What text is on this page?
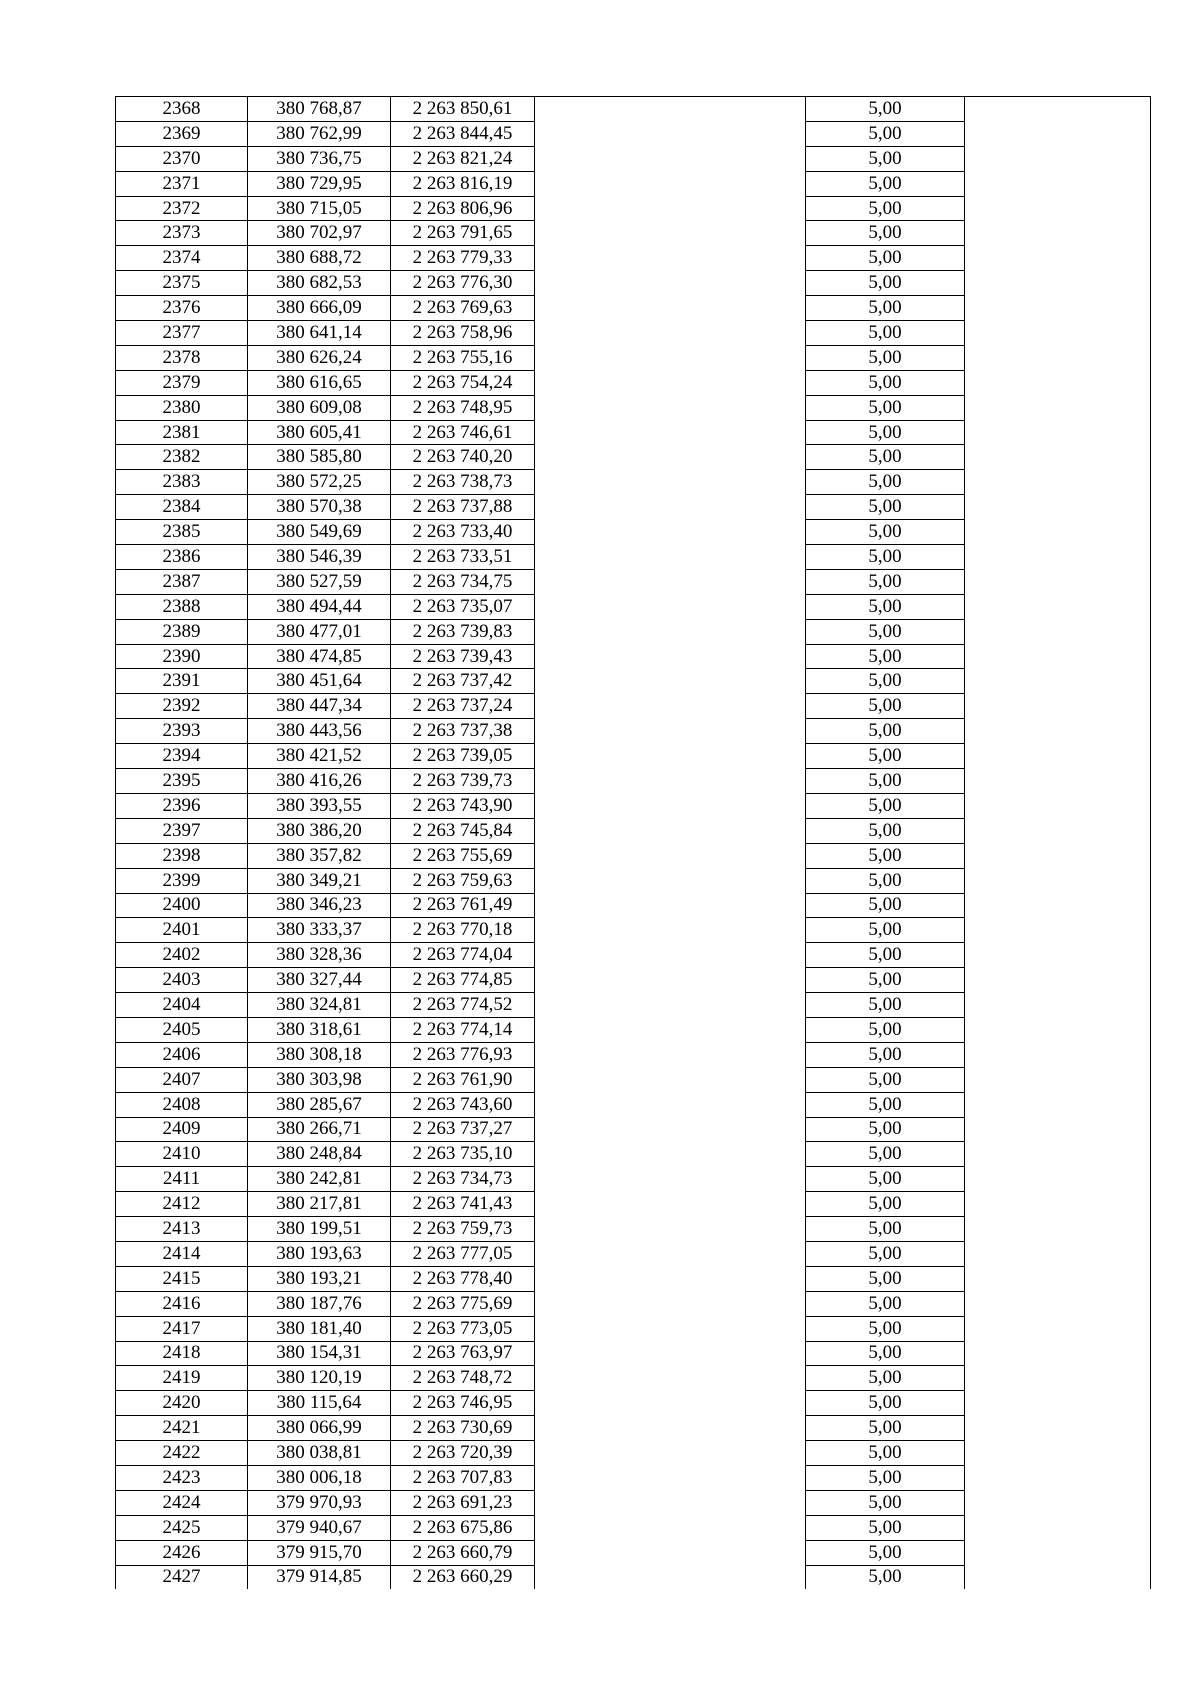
2368	380 768,87	2 263 850,61		5,00	
2369	380 762,99	2 263 844,45		5,00	
2370	380 736,75	2 263 821,24		5,00	
2371	380 729,95	2 263 816,19		5,00	
2372	380 715,05	2 263 806,96		5,00	
2373	380 702,97	2 263 791,65		5,00	
2374	380 688,72	2 263 779,33		5,00	
2375	380 682,53	2 263 776,30		5,00	
2376	380 666,09	2 263 769,63		5,00	
2377	380 641,14	2 263 758,96		5,00	
2378	380 626,24	2 263 755,16		5,00	
2379	380 616,65	2 263 754,24		5,00	
2380	380 609,08	2 263 748,95		5,00	
2381	380 605,41	2 263 746,61		5,00	
2382	380 585,80	2 263 740,20		5,00	
2383	380 572,25	2 263 738,73		5,00	
2384	380 570,38	2 263 737,88		5,00	
2385	380 549,69	2 263 733,40		5,00	
2386	380 546,39	2 263 733,51		5,00	
2387	380 527,59	2 263 734,75		5,00	
2388	380 494,44	2 263 735,07		5,00	
2389	380 477,01	2 263 739,83		5,00	
2390	380 474,85	2 263 739,43		5,00	
2391	380 451,64	2 263 737,42		5,00	
2392	380 447,34	2 263 737,24		5,00	
2393	380 443,56	2 263 737,38		5,00	
2394	380 421,52	2 263 739,05		5,00	
2395	380 416,26	2 263 739,73		5,00	
2396	380 393,55	2 263 743,90		5,00	
2397	380 386,20	2 263 745,84		5,00	
2398	380 357,82	2 263 755,69		5,00	
2399	380 349,21	2 263 759,63		5,00	
2400	380 346,23	2 263 761,49		5,00	
2401	380 333,37	2 263 770,18		5,00	
2402	380 328,36	2 263 774,04		5,00	
2403	380 327,44	2 263 774,85		5,00	
2404	380 324,81	2 263 774,52		5,00	
2405	380 318,61	2 263 774,14		5,00	
2406	380 308,18	2 263 776,93		5,00	
2407	380 303,98	2 263 761,90		5,00	
2408	380 285,67	2 263 743,60		5,00	
2409	380 266,71	2 263 737,27		5,00	
2410	380 248,84	2 263 735,10		5,00	
2411	380 242,81	2 263 734,73		5,00	
2412	380 217,81	2 263 741,43		5,00	
2413	380 199,51	2 263 759,73		5,00	
2414	380 193,63	2 263 777,05		5,00	
2415	380 193,21	2 263 778,40		5,00	
2416	380 187,76	2 263 775,69		5,00	
2417	380 181,40	2 263 773,05		5,00	
2418	380 154,31	2 263 763,97		5,00	
2419	380 120,19	2 263 748,72		5,00	
2420	380 115,64	2 263 746,95		5,00	
2421	380 066,99	2 263 730,69		5,00	
2422	380 038,81	2 263 720,39		5,00	
2423	380 006,18	2 263 707,83		5,00	
2424	379 970,93	2 263 691,23		5,00	
2425	379 940,67	2 263 675,86		5,00	
2426	379 915,70	2 263 660,79		5,00	
2427	379 914,85	2 263 660,29		5,00	
